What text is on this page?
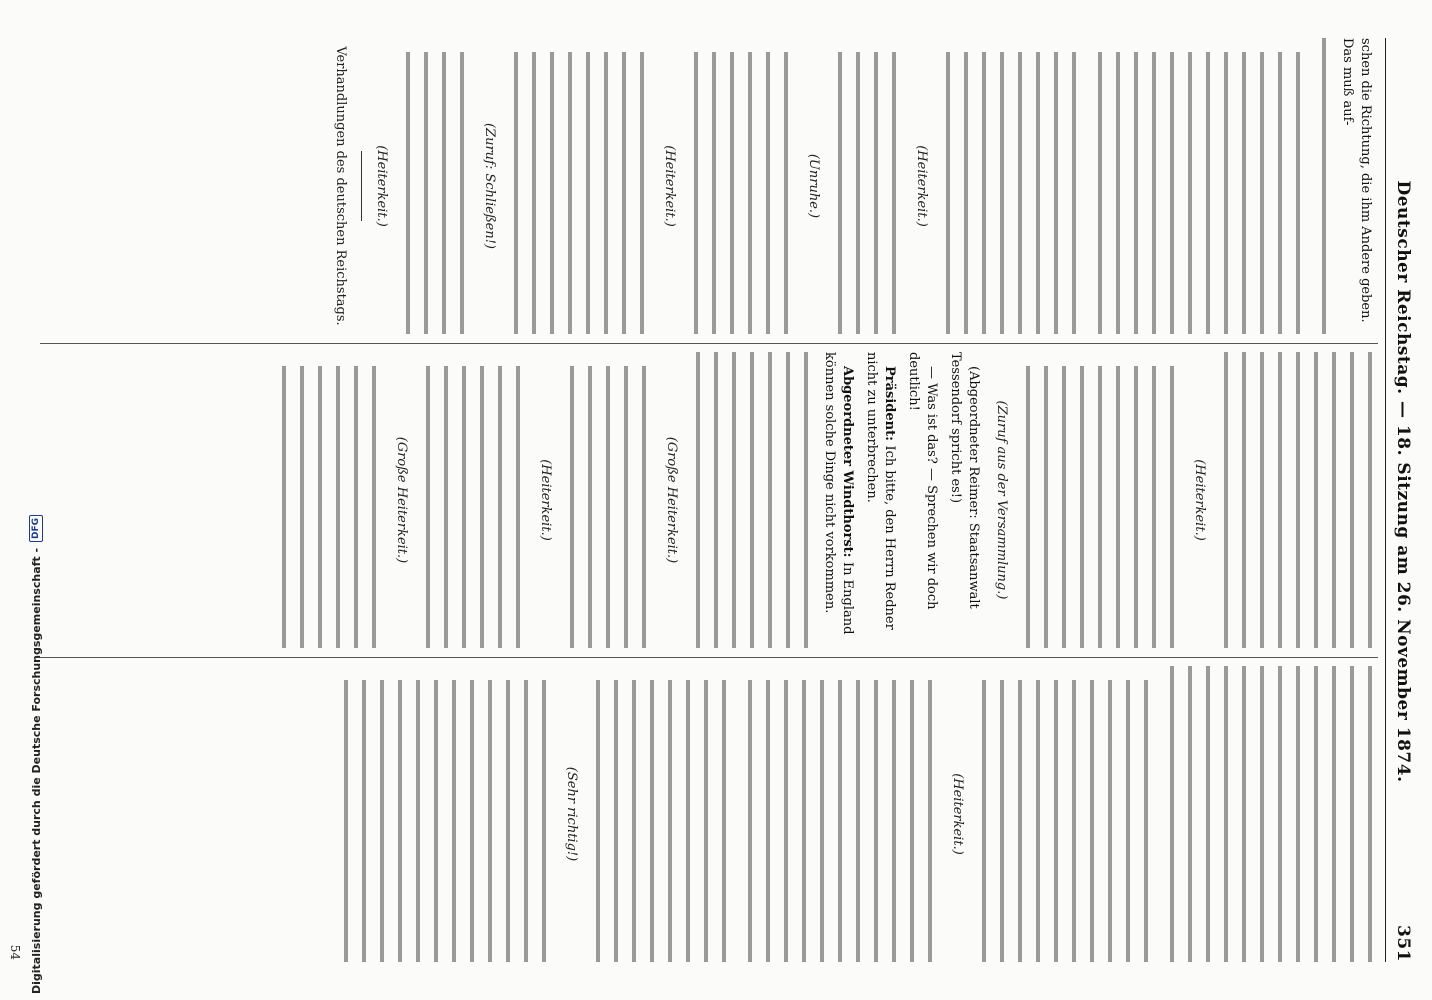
Deutscher Reichstag. — 18. Sitzung am 26. November 1874.
351
schen die Richtung, die ihm Andere geben. Das muß auf-
(Heiterkeit.)
(Unruhe.)
(Heiterkeit.)
(Zuruf: Schließen!)
(Heiterkeit.)
Verhandlungen des deutschen Reichstags.
(Heiterkeit.)
(Zuruf aus der Versammlung.)
(Abgeordneter Reimer: Staatsanwalt Tessendorf spricht es!)
— Was ist das? — Sprechen wir doch deutlich!
Präsident: Ich bitte, den Herrn Redner nicht zu unterbrechen.
Abgeordneter Windthorst: In England können solche Dinge nicht vorkommen.
(Große Heiterkeit.)
(Heiterkeit.)
(Große Heiterkeit.)
(Heiterkeit.)
(Sehr richtig!)
54 Digitalisierung gefördert durch die Deutsche Forschungsgemeinschaft -
DFG
